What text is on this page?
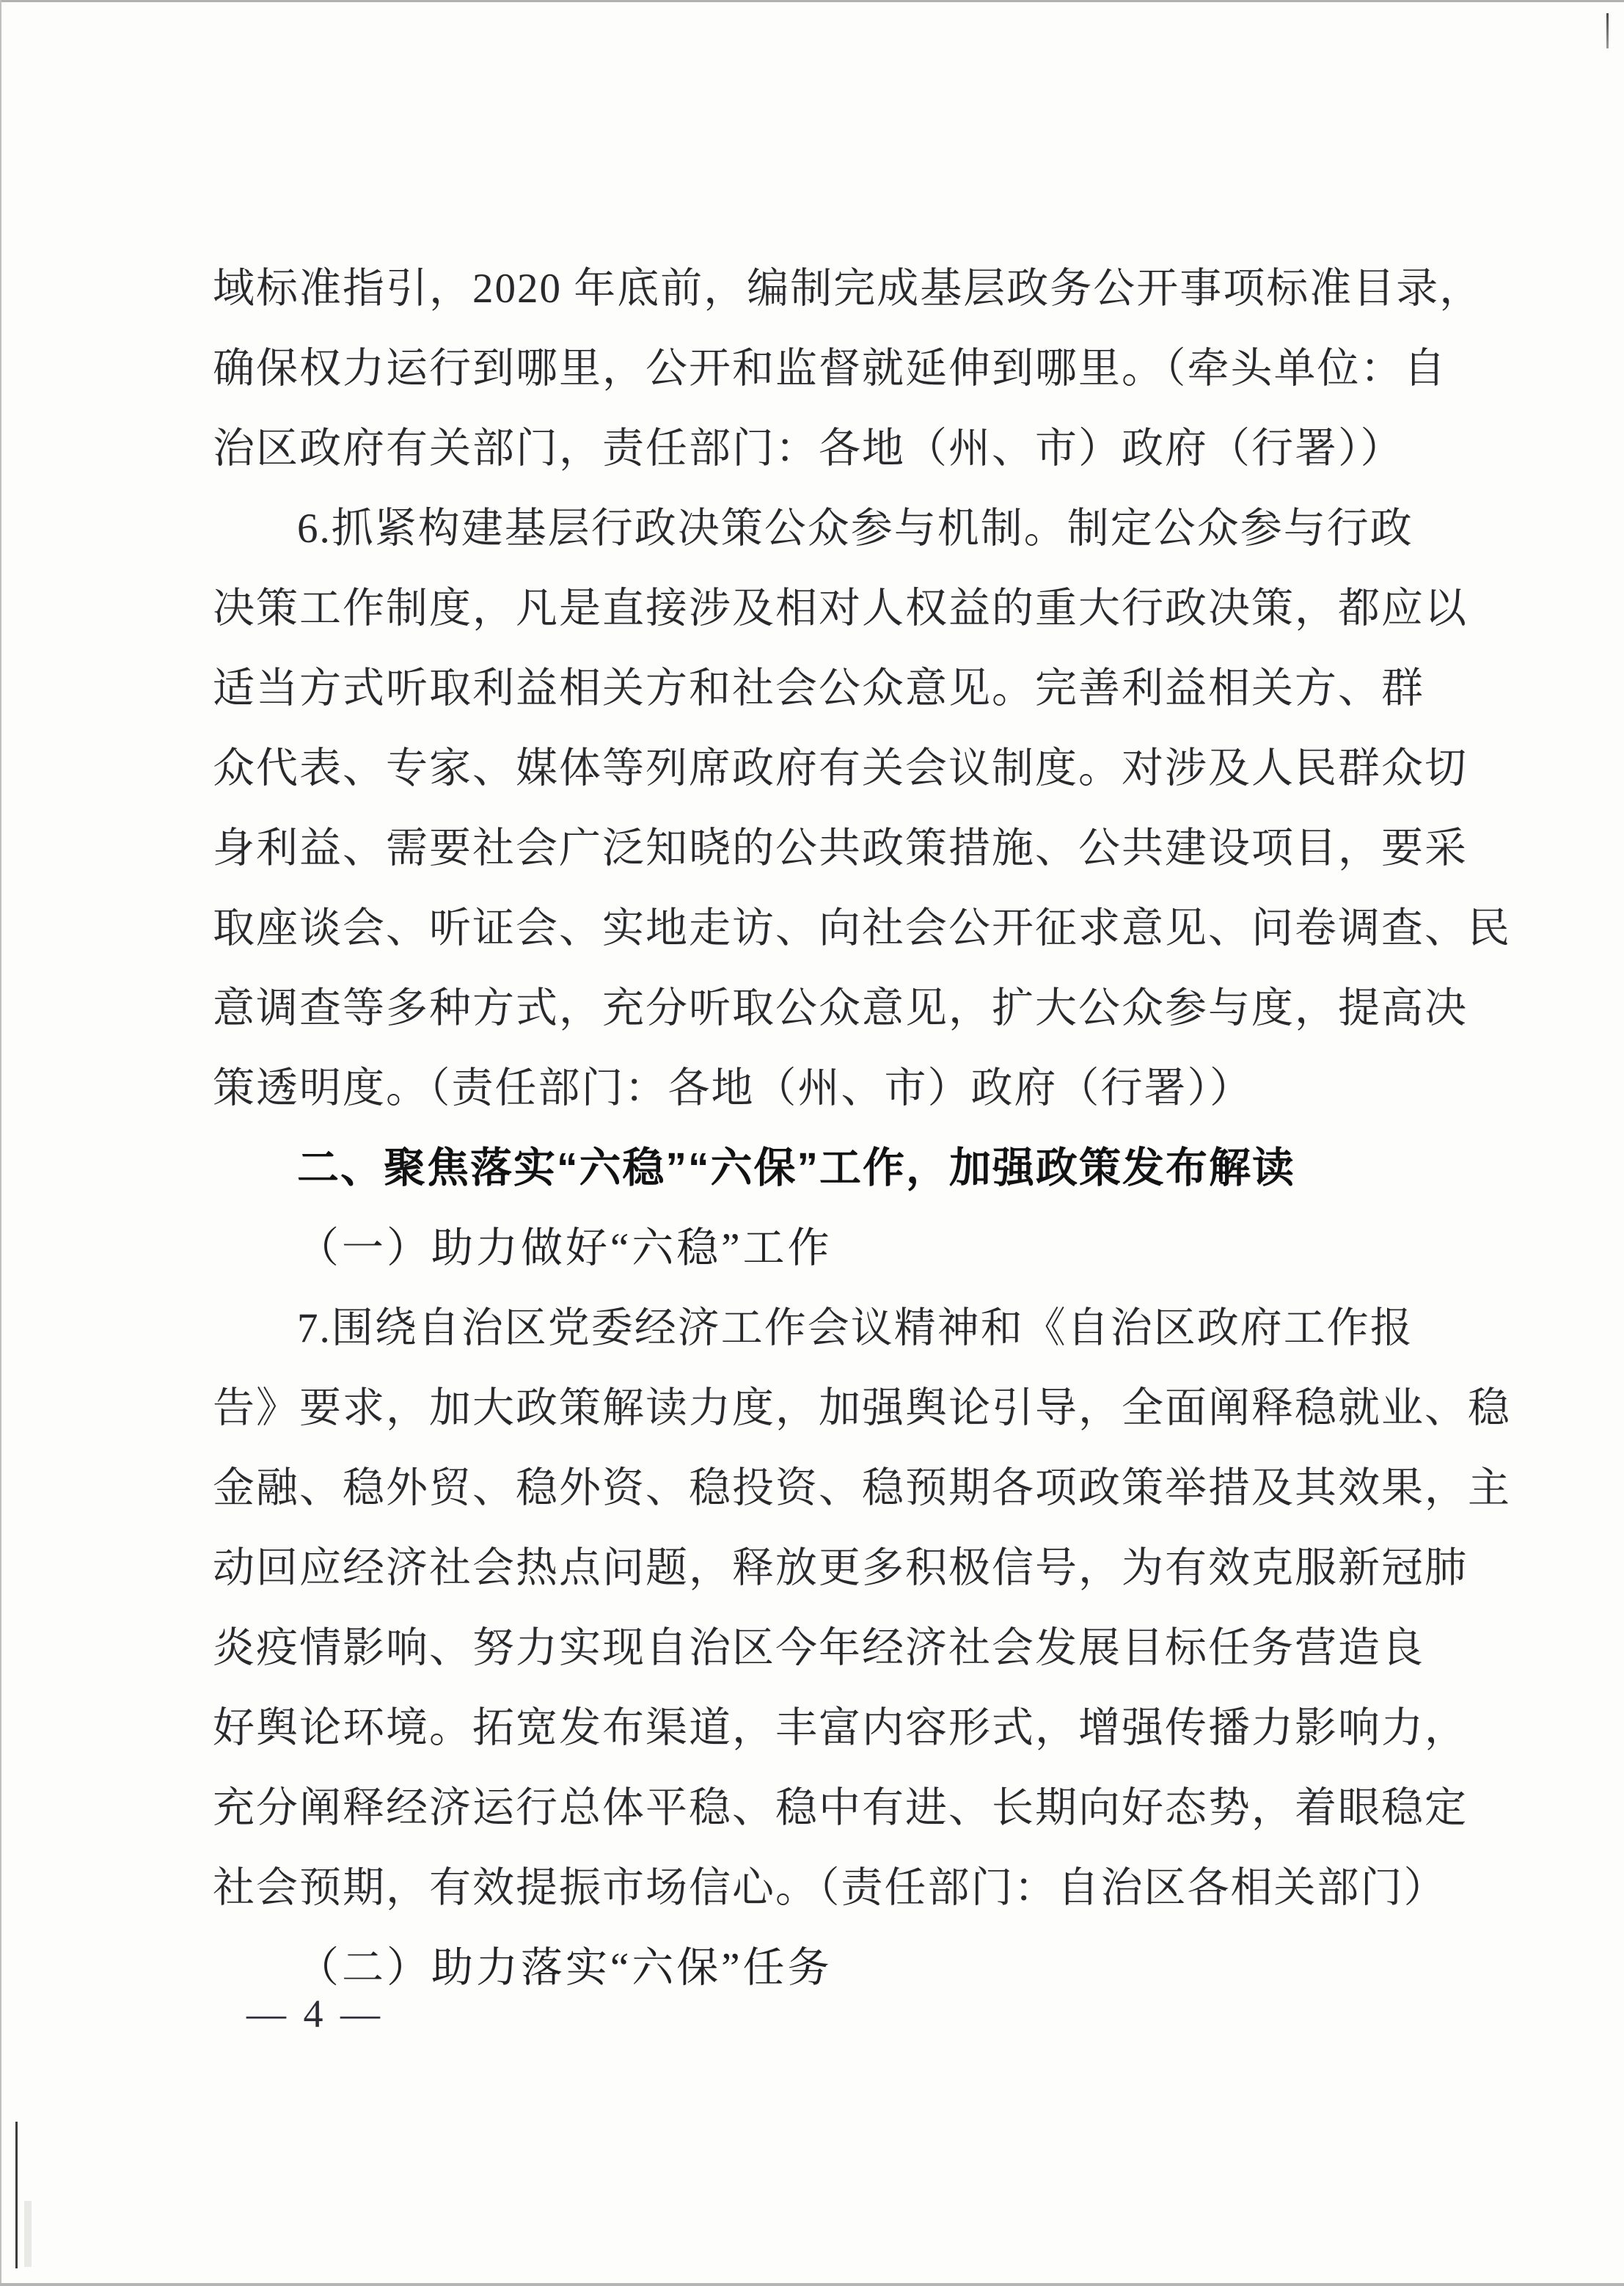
域标准指引，2020 年底前，编制完成基层政务公开事项标准目录，
确保权力运行到哪里，公开和监督就延伸到哪里。（牵头单位：自
治区政府有关部门，责任部门：各地（州、市）政府（行署））
6.抓紧构建基层行政决策公众参与机制。制定公众参与行政
决策工作制度，凡是直接涉及相对人权益的重大行政决策，都应以
适当方式听取利益相关方和社会公众意见。完善利益相关方、群
众代表、专家、媒体等列席政府有关会议制度。对涉及人民群众切
身利益、需要社会广泛知晓的公共政策措施、公共建设项目，要采
取座谈会、听证会、实地走访、向社会公开征求意见、问卷调查、民
意调查等多种方式，充分听取公众意见，扩大公众参与度，提高决
策透明度。（责任部门：各地（州、市）政府（行署））
二、聚焦落实“六稳”“六保”工作，加强政策发布解读
（一）助力做好“六稳”工作
7.围绕自治区党委经济工作会议精神和《自治区政府工作报
告》要求，加大政策解读力度，加强舆论引导，全面阐释稳就业、稳
金融、稳外贸、稳外资、稳投资、稳预期各项政策举措及其效果，主
动回应经济社会热点问题，释放更多积极信号，为有效克服新冠肺
炎疫情影响、努力实现自治区今年经济社会发展目标任务营造良
好舆论环境。拓宽发布渠道，丰富内容形式，增强传播力影响力，
充分阐释经济运行总体平稳、稳中有进、长期向好态势，着眼稳定
社会预期，有效提振市场信心。（责任部门：自治区各相关部门）
（二）助力落实“六保”任务
— 4 —
